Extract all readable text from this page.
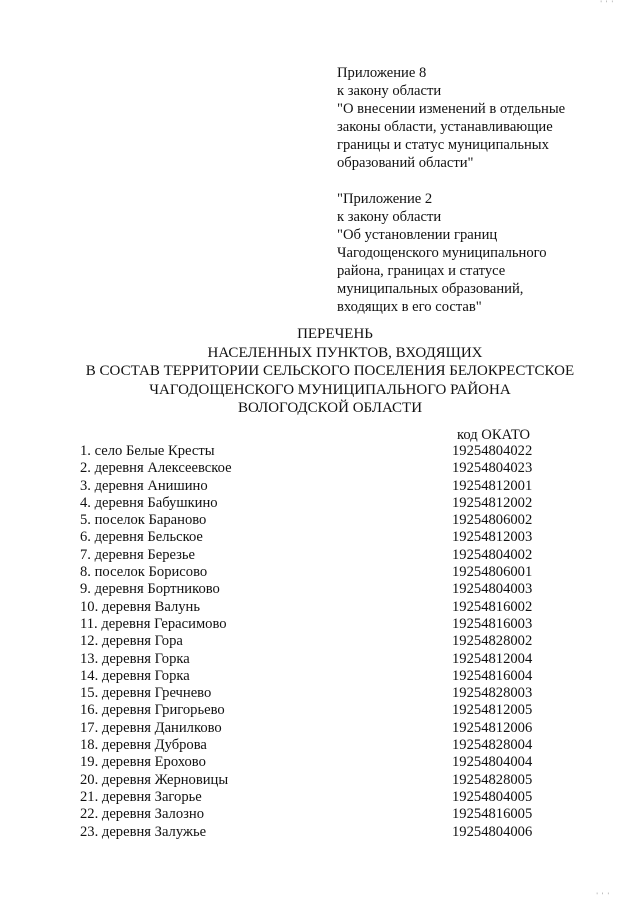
' ' '
Приложение 8
к закону области
"О внесении изменений в отдельные
законы области, устанавливающие
границы и статус муниципальных
образований области"
"Приложение 2
к закону области
"Об установлении границ
Чагодощенского муниципального
района, границах и статусе
муниципальных образований,
входящих в его состав"
ПЕРЕЧЕНЬ
НАСЕЛЕННЫХ ПУНКТОВ, ВХОДЯЩИХ
В СОСТАВ ТЕРРИТОРИИ СЕЛЬСКОГО ПОСЕЛЕНИЯ БЕЛОКРЕСТСКОЕ
ЧАГОДОЩЕНСКОГО МУНИЦИПАЛЬНОГО РАЙОНА
ВОЛОГОДСКОЙ ОБЛАСТИ
код ОКАТО
1. село Белые Кресты	19254804022
2. деревня Алексеевское	19254804023
3. деревня Анишино	19254812001
4. деревня Бабушкино	19254812002
5. поселок Бараново	19254806002
6. деревня Бельское	19254812003
7. деревня Березье	19254804002
8. поселок Борисово	19254806001
9. деревня Бортниково	19254804003
10. деревня Валунь	19254816002
11. деревня Герасимово	19254816003
12. деревня Гора	19254828002
13. деревня Горка	19254812004
14. деревня Горка	19254816004
15. деревня Гречнево	19254828003
16. деревня Григорьево	19254812005
17. деревня Данилково	19254812006
18. деревня Дуброва	19254828004
19. деревня Ерохово	19254804004
20. деревня Жерновицы	19254828005
21. деревня Загорье	19254804005
22. деревня Залозно	19254816005
23. деревня Залужье	19254804006
' ' '
